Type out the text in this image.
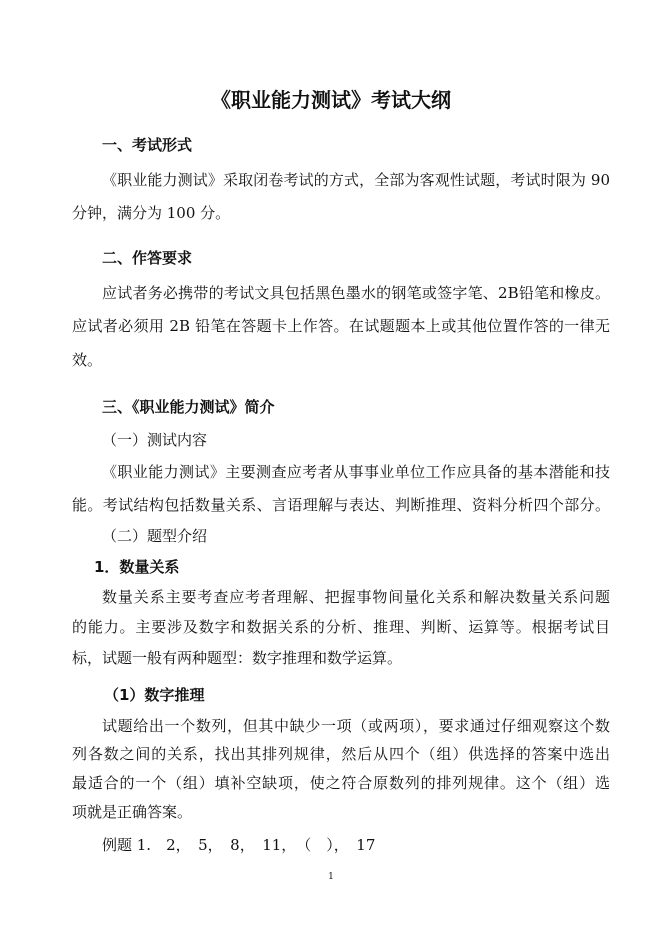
《职业能力测试》考试大纲
一、考试形式
《职业能力测试》采取闭卷考试的方式，全部为客观性试题，考试时限为 90
分钟，满分为 100 分。
二、作答要求
应试者务必携带的考试文具包括黑色墨水的钢笔或签字笔、2B铅笔和橡皮。
应试者必须用 2B 铅笔在答题卡上作答。在试题题本上或其他位置作答的一律无
效。
三、《职业能力测试》简介
（一）测试内容
《职业能力测试》主要测查应考者从事事业单位工作应具备的基本潜能和技
能。考试结构包括数量关系、言语理解与表达、判断推理、资料分析四个部分。
（二）题型介绍
1．数量关系
数量关系主要考查应考者理解、把握事物间量化关系和解决数量关系问题
的能力。主要涉及数字和数据关系的分析、推理、判断、运算等。根据考试目
标，试题一般有两种题型：数字推理和数学运算。
（1）数字推理
试题给出一个数列，但其中缺少一项（或两项），要求通过仔细观察这个数
列各数之间的关系，找出其排列规律，然后从四个（组）供选择的答案中选出
最适合的一个（组）填补空缺项，使之符合原数列的排列规律。这个（组）选
项就是正确答案。
例题 1.　2，　5，　8，　11，　（　），　17
1
